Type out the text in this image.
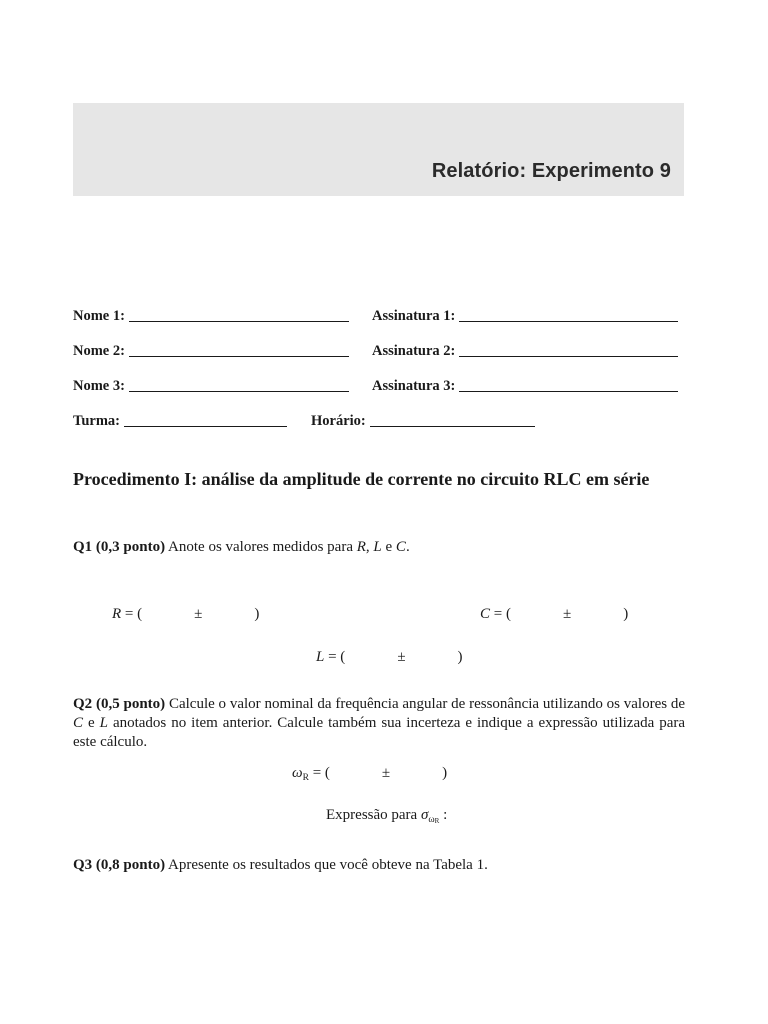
Relatório: Experimento 9
Nome 1:	Assinatura 1:
Nome 2:	Assinatura 2:
Nome 3:	Assinatura 3:
Turma:	Horário:
Procedimento I: análise da amplitude de corrente no circuito RLC em série
Q1 (0,3 ponto) Anote os valores medidos para R, L e C.
R = (	±	)	C = (	±	)
L = (	±	)
Q2 (0,5 ponto) Calcule o valor nominal da frequência angular de ressonância utilizando os valores de C e L anotados no item anterior. Calcule também sua incerteza e indique a expressão utilizada para este cálculo.
$\omega_R$ = (	±	)
Expressão para $\sigma_{\omega R}$ :
Q3 (0,8 ponto) Apresente os resultados que você obteve na Tabela 1.
